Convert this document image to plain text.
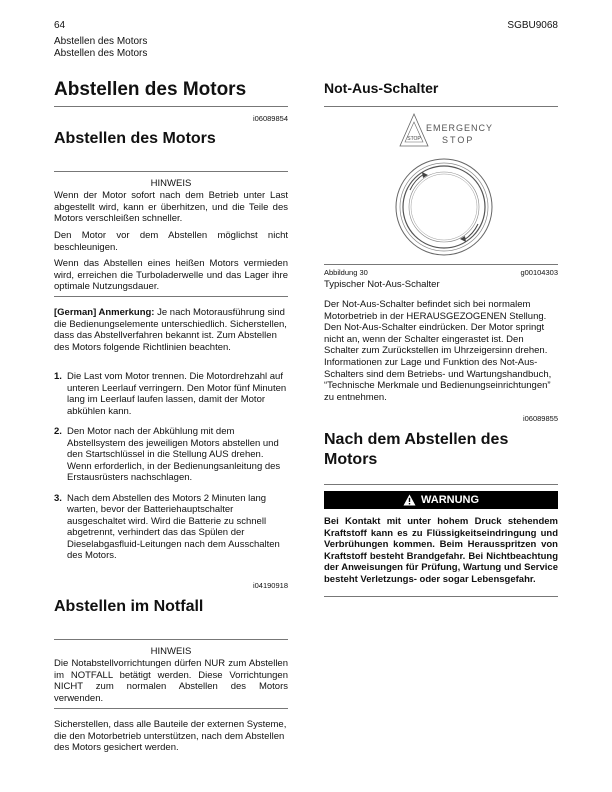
64	SGBU9068
Abstellen des Motors
Abstellen des Motors
Abstellen des Motors
i06089854
Abstellen des Motors
HINWEIS
Wenn der Motor sofort nach dem Betrieb unter Last abgestellt wird, kann er überhitzen, und die Teile des Motors verschleißen schneller.
Den Motor vor dem Abstellen möglichst nicht beschleunigen.
Wenn das Abstellen eines heißen Motors vermieden wird, erreichen die Turboladerwelle und das Lager ihre optimale Nutzungsdauer.
[German] Anmerkung: Je nach Motorausführung sind die Bedienungselemente unterschiedlich. Sicherstellen, dass das Abstellverfahren bekannt ist. Zum Abstellen des Motors folgende Richtlinien beachten.
1. Die Last vom Motor trennen. Die Motordrehzahl auf unteren Leerlauf verringern. Den Motor fünf Minuten lang im Leerlauf laufen lassen, damit der Motor abkühlen kann.
2. Den Motor nach der Abkühlung mit dem Abstellsystem des jeweiligen Motors abstellen und den Startschlüssel in die Stellung AUS drehen. Wenn erforderlich, in der Bedienungsanleitung des Erstausrüsters nachschlagen.
3. Nach dem Abstellen des Motors 2 Minuten lang warten, bevor der Batteriehauptschalter ausgeschaltet wird. Wird die Batterie zu schnell abgetrennt, verhindert das das Spülen der Dieselabgasfluid-Leitungen nach dem Ausschalten des Motors.
i04190918
Abstellen im Notfall
HINWEIS
Die Notabstellvorrichtungen dürfen NUR zum Abstellen im NOTFALL betätigt werden. Diese Vorrichtungen NICHT zum normalen Abstellen des Motors verwenden.
Sicherstellen, dass alle Bauteile der externen Systeme, die den Motorbetrieb unterstützen, nach dem Abstellen des Motors gesichert werden.
Not-Aus-Schalter
STOP
EMERGENCY
STOP
Abbildung 30	g00104303
Typischer Not-Aus-Schalter
Der Not-Aus-Schalter befindet sich bei normalem Motorbetrieb in der HERAUSGEZOGENEN Stellung. Den Not-Aus-Schalter eindrücken. Der Motor springt nicht an, wenn der Schalter eingerastet ist. Den Schalter zum Zurückstellen im Uhrzeigersinn drehen.
Informationen zur Lage und Funktion des Not-Aus-Schalters sind dem Betriebs- und Wartungshandbuch, “Technische Merkmale und Bedienungseinrichtungen” zu entnehmen.
i06089855
Nach dem Abstellen des Motors
WARNUNG
Bei Kontakt mit unter hohem Druck stehendem Kraftstoff kann es zu Flüssigkeitseindringung und Verbrühungen kommen. Beim Herausspritzen von Kraftstoff besteht Brandgefahr. Bei Nichtbeachtung der Anweisungen für Prüfung, Wartung und Service besteht Verletzungs- oder sogar Lebensgefahr.
